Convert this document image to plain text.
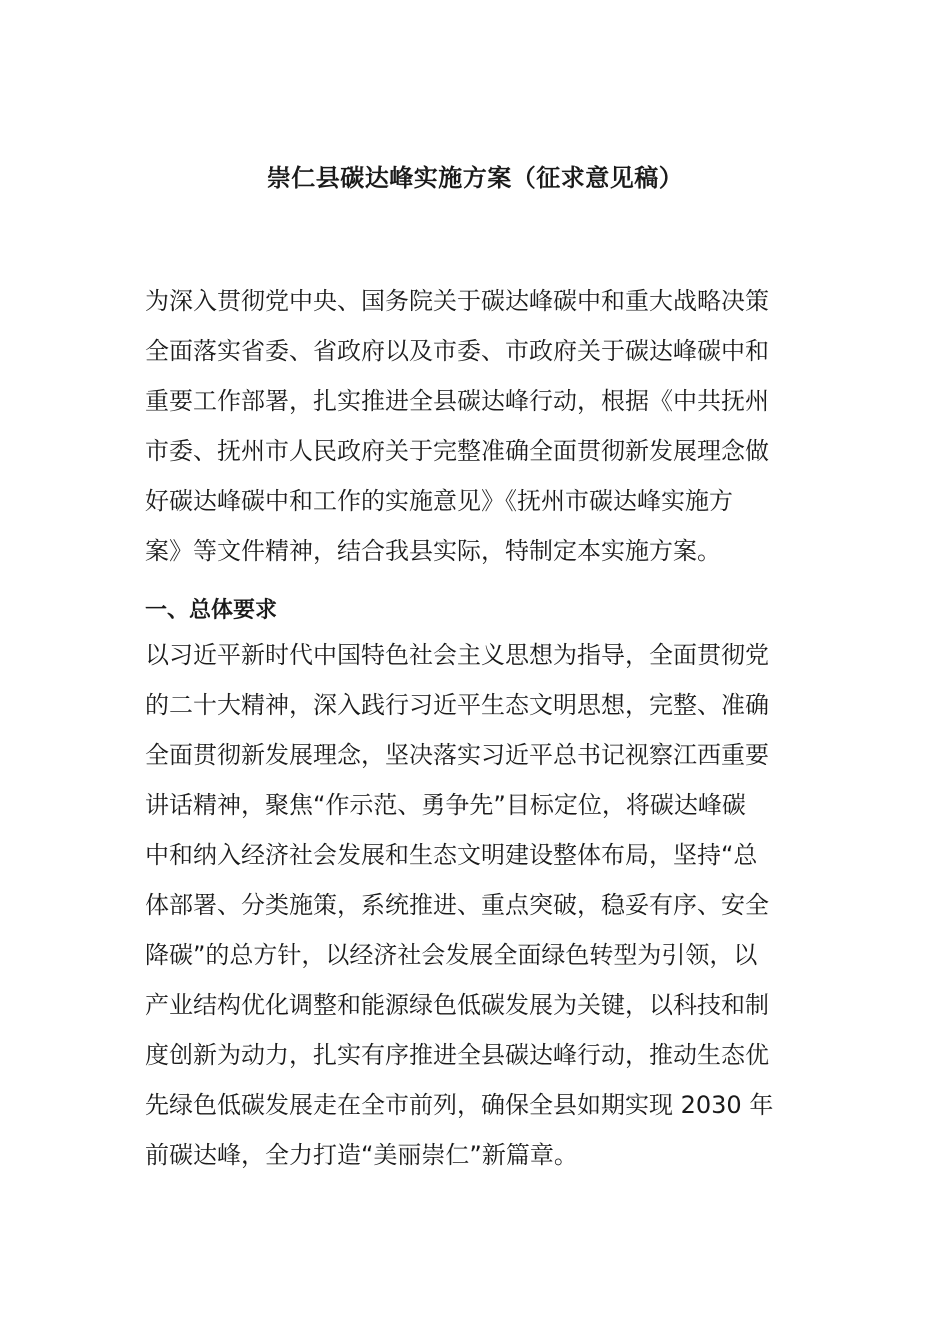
崇仁县碳达峰实施方案（征求意见稿）
为深入贯彻党中央、国务院关于碳达峰碳中和重大战略决策
全面落实省委、省政府以及市委、市政府关于碳达峰碳中和
重要工作部署，扎实推进全县碳达峰行动，根据《中共抚州
市委、抚州市人民政府关于完整准确全面贯彻新发展理念做
好碳达峰碳中和工作的实施意见》《抚州市碳达峰实施方
案》等文件精神，结合我县实际，特制定本实施方案。
一、总体要求
以习近平新时代中国特色社会主义思想为指导，全面贯彻党
的二十大精神，深入践行习近平生态文明思想，完整、准确
全面贯彻新发展理念，坚决落实习近平总书记视察江西重要
讲话精神，聚焦“作示范、勇争先”目标定位，将碳达峰碳
中和纳入经济社会发展和生态文明建设整体布局，坚持“总
体部署、分类施策，系统推进、重点突破，稳妥有序、安全
降碳”的总方针，以经济社会发展全面绿色转型为引领，以
产业结构优化调整和能源绿色低碳发展为关键，以科技和制
度创新为动力，扎实有序推进全县碳达峰行动，推动生态优
先绿色低碳发展走在全市前列，确保全县如期实现 2030 年
前碳达峰，全力打造“美丽崇仁”新篇章。
